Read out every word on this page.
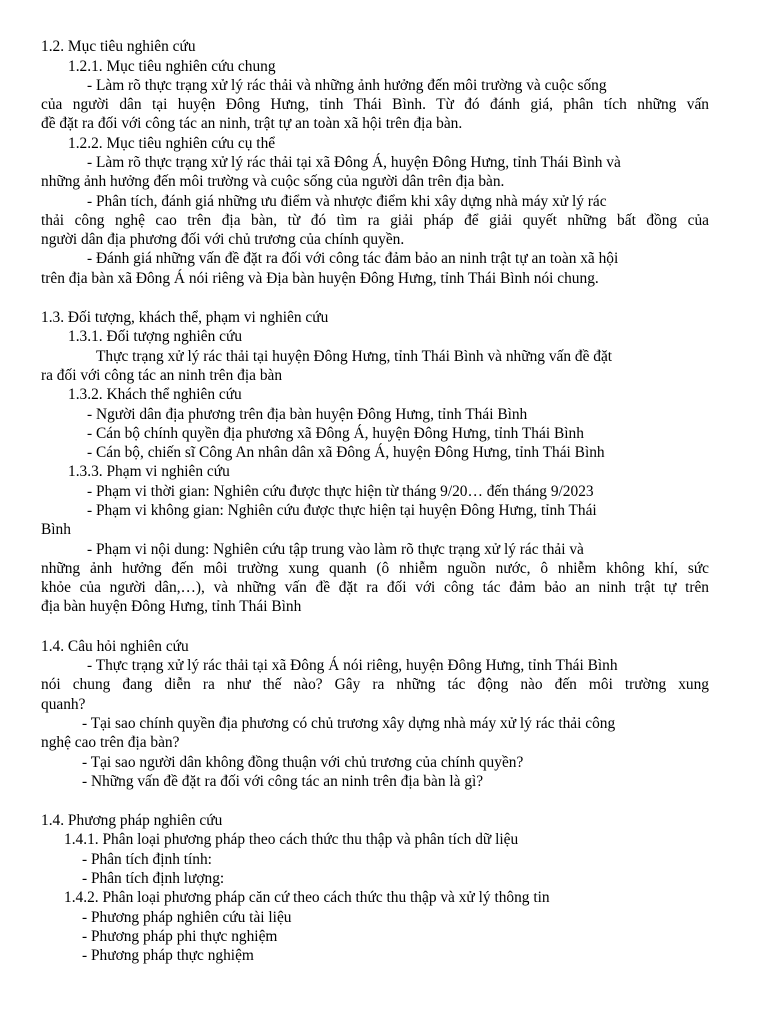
1.2. Mục tiêu nghiên cứu
1.2.1. Mục tiêu nghiên cứu chung
- Làm rõ thực trạng xử lý rác thải và những ảnh hưởng đến môi trường và cuộc sống
của người dân tại huyện Đông Hưng, tỉnh Thái Bình. Từ đó đánh giá, phân tích những vấn
đề đặt ra đối với công tác an ninh, trật tự an toàn xã hội trên địa bàn.
1.2.2. Mục tiêu nghiên cứu cụ thể
- Làm rõ thực trạng xử lý rác thải tại xã Đông Á, huyện Đông Hưng, tỉnh Thái Bình và
những ảnh hưởng đến môi trường và cuộc sống của người dân trên địa bàn.
- Phân tích, đánh giá những ưu điểm và nhược điểm khi xây dựng nhà máy xử lý rác
thải công nghệ cao trên địa bàn, từ đó tìm ra giải pháp để giải quyết những bất đồng của
người dân địa phương đối với chủ trương của chính quyền.
- Đánh giá những vấn đề đặt ra đối với công tác đảm bảo an ninh trật tự an toàn xã hội
trên địa bàn xã Đông Á nói riêng và Địa bàn huyện Đông Hưng, tỉnh Thái Bình nói chung.
1.3. Đối tượng, khách thể, phạm vi nghiên cứu
1.3.1. Đối tượng nghiên cứu
Thực trạng xử lý rác thải tại huyện Đông Hưng, tỉnh Thái Bình và những vấn đề đặt
ra đối với công tác an ninh trên địa bàn
1.3.2. Khách thể nghiên cứu
- Người dân địa phương trên địa bàn huyện Đông Hưng, tỉnh Thái Bình
- Cán bộ chính quyền địa phương xã Đông Á, huyện Đông Hưng, tỉnh Thái Bình
- Cán bộ, chiến sĩ Công An nhân dân xã Đông Á, huyện Đông Hưng, tỉnh Thái Bình
1.3.3. Phạm vi nghiên cứu
- Phạm vi thời gian: Nghiên cứu được thực hiện từ tháng 9/20… đến tháng 9/2023
- Phạm vi không gian: Nghiên cứu được thực hiện tại huyện Đông Hưng, tỉnh Thái
Bình
- Phạm vi nội dung: Nghiên cứu tập trung vào làm rõ thực trạng xử lý rác thải và
những ảnh hưởng đến môi trường xung quanh (ô nhiễm nguồn nước, ô nhiễm không khí, sức
khỏe của người dân,…), và những vấn đề đặt ra đối với công tác đảm bảo an ninh trật tự trên
địa bàn huyện Đông Hưng, tỉnh Thái Bình
1.4. Câu hỏi nghiên cứu
- Thực trạng xử lý rác thải tại xã Đông Á nói riêng, huyện Đông Hưng, tỉnh Thái Bình
nói chung đang diễn ra như thế nào? Gây ra những tác động nào đến môi trường xung
quanh?
- Tại sao chính quyền địa phương có chủ trương xây dựng nhà máy xử lý rác thải công
nghệ cao trên địa bàn?
- Tại sao người dân không đồng thuận với chủ trương của chính quyền?
- Những vấn đề đặt ra đối với công tác an ninh trên địa bàn là gì?
1.4. Phương pháp nghiên cứu
1.4.1. Phân loại phương pháp theo cách thức thu thập và phân tích dữ liệu
- Phân tích định tính:
- Phân tích định lượng:
1.4.2. Phân loại phương pháp căn cứ theo cách thức thu thập và xử lý thông tin
- Phương pháp nghiên cứu tài liệu
- Phương pháp phi thực nghiệm
- Phương pháp thực nghiệm
